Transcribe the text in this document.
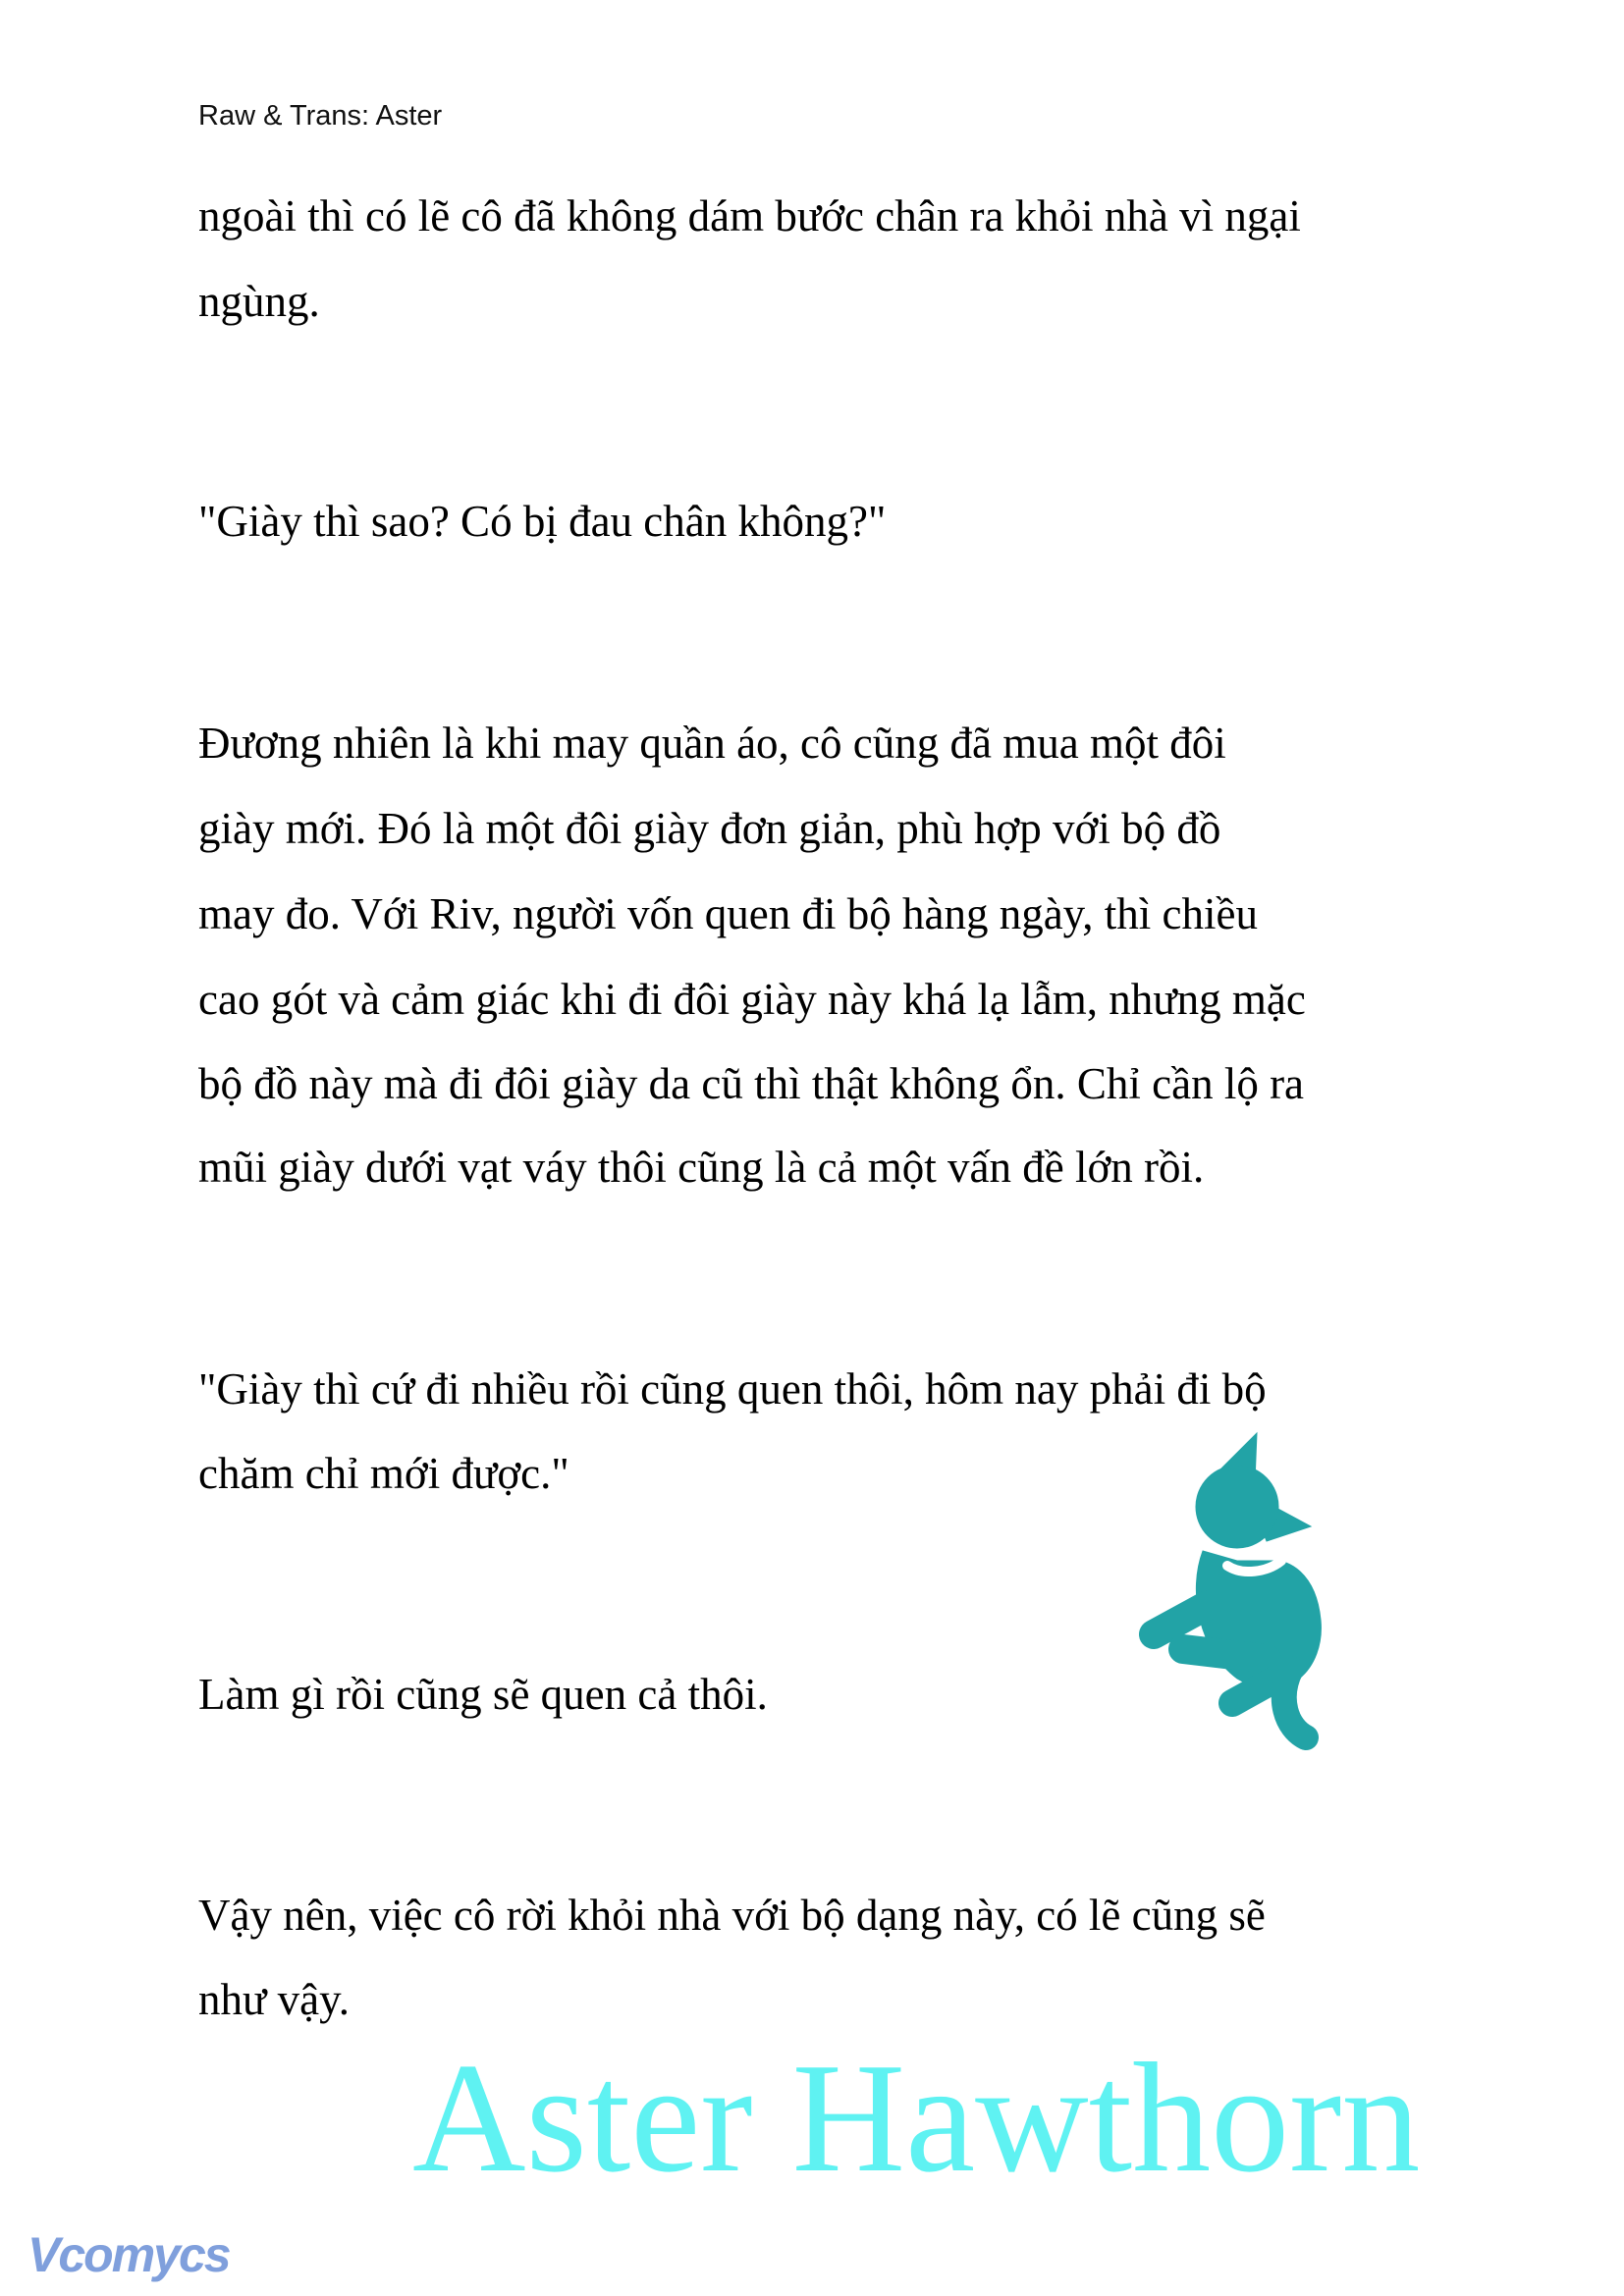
Raw & Trans: Aster
ngoài thì có lẽ cô đã không dám bước chân ra khỏi nhà vì ngại
ngùng.
"Giày thì sao? Có bị đau chân không?"
Đương nhiên là khi may quần áo, cô cũng đã mua một đôi
giày mới. Đó là một đôi giày đơn giản, phù hợp với bộ đồ
may đo. Với Riv, người vốn quen đi bộ hàng ngày, thì chiều
cao gót và cảm giác khi đi đôi giày này khá lạ lẫm, nhưng mặc
bộ đồ này mà đi đôi giày da cũ thì thật không ổn. Chỉ cần lộ ra
mũi giày dưới vạt váy thôi cũng là cả một vấn đề lớn rồi.
"Giày thì cứ đi nhiều rồi cũng quen thôi, hôm nay phải đi bộ
chăm chỉ mới được."
Làm gì rồi cũng sẽ quen cả thôi.
Vậy nên, việc cô rời khỏi nhà với bộ dạng này, có lẽ cũng sẽ
như vậy.
Aster Hawthorn
Vcomycs
